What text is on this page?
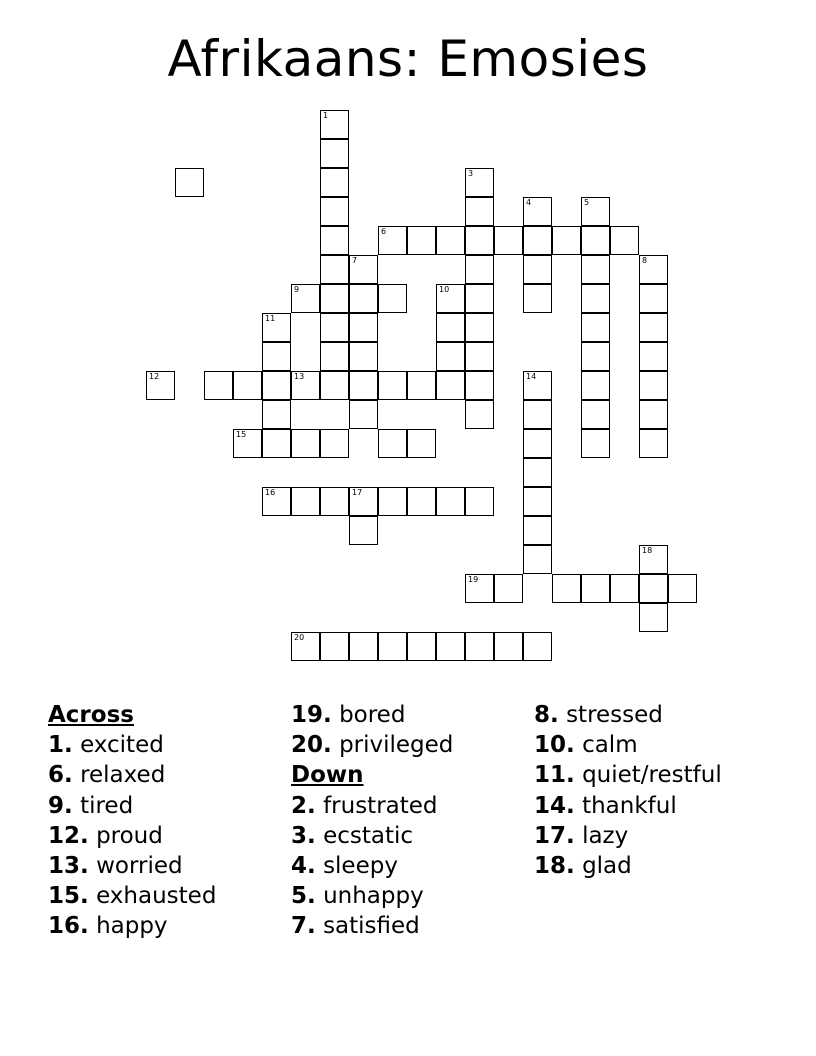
Afrikaans: Emosies
1
3
4	5
6
7	8
9	10
11
12	13	14
15
16	17
18
19
20
Across
1. excited
6. relaxed
9. tired
12. proud
13. worried
15. exhausted
16. happy
19. bored
20. privileged
Down
2. frustrated
3. ecstatic
4. sleepy
5. unhappy
7. satisfied
8. stressed
10. calm
11. quiet/restful
14. thankful
17. lazy
18. glad
